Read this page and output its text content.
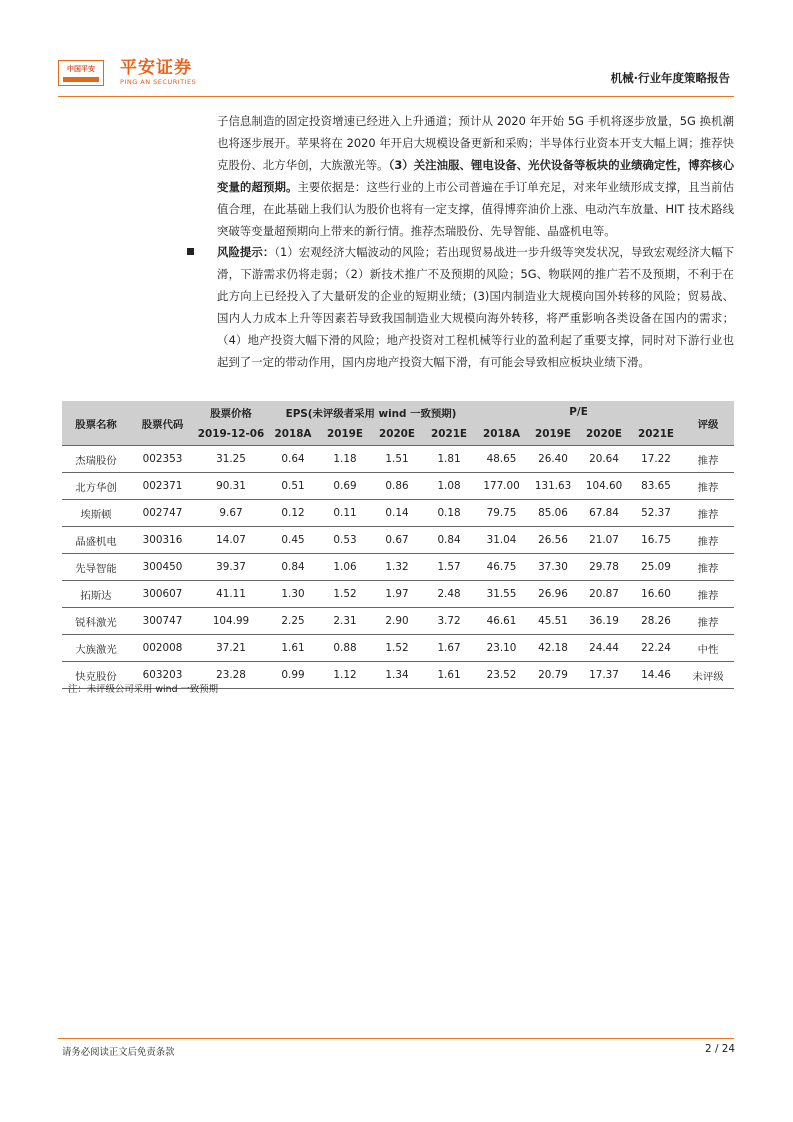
中国平安	平安证券
PING AN SECURITIES	机械·行业年度策略报告

子信息制造的固定投资增速已经进入上升通道；预计从 2020 年开始 5G 手机将逐步放量，5G 换机潮也将逐步展开。苹果将在 2020 年开启大规模设备更新和采购；半导体行业资本开支大幅上调；推荐快克股份、北方华创，大族激光等。（3）关注油服、锂电设备、光伏设备等板块的业绩确定性，博弈核心变量的超预期。主要依据是：这些行业的上市公司普遍在手订单充足，对来年业绩形成支撑，且当前估值合理，在此基础上我们认为股价也将有一定支撑，值得博弈油价上涨、电动汽车放量、HIT 技术路线突破等变量超预期向上带来的新行情。推荐杰瑞股份、先导智能、晶盛机电等。

风险提示：（1）宏观经济大幅波动的风险；若出现贸易战进一步升级等突发状况，导致宏观经济大幅下滑，下游需求仍将走弱；（2）新技术推广不及预期的风险；5G、物联网的推广若不及预期，不利于在此方向上已经投入了大量研发的企业的短期业绩；(3)国内制造业大规模向国外转移的风险；贸易战、国内人力成本上升等因素若导致我国制造业大规模向海外转移，将严重影响各类设备在国内的需求；（4）地产投资大幅下滑的风险；地产投资对工程机械等行业的盈利起了重要支撑，同时对下游行业也起到了一定的带动作用，国内房地产投资大幅下滑，有可能会导致相应板块业绩下滑。

股票名称	股票代码	股票价格	EPS(未评级者采用 wind 一致预期)				P/E				评级
		2019-12-06	2018A	2019E	2020E	2021E	2018A	2019E	2020E	2021E	
杰瑞股份	002353	31.25	0.64	1.18	1.51	1.81	48.65	26.40	20.64	17.22	推荐
北方华创	002371	90.31	0.51	0.69	0.86	1.08	177.00	131.63	104.60	83.65	推荐
埃斯顿	002747	9.67	0.12	0.11	0.14	0.18	79.75	85.06	67.84	52.37	推荐
晶盛机电	300316	14.07	0.45	0.53	0.67	0.84	31.04	26.56	21.07	16.75	推荐
先导智能	300450	39.37	0.84	1.06	1.32	1.57	46.75	37.30	29.78	25.09	推荐
拓斯达	300607	41.11	1.30	1.52	1.97	2.48	31.55	26.96	20.87	16.60	推荐
锐科激光	300747	104.99	2.25	2.31	2.90	3.72	46.61	45.51	36.19	28.26	推荐
大族激光	002008	37.21	1.61	0.88	1.52	1.67	23.10	42.18	24.44	22.24	中性
快克股份	603203	23.28	0.99	1.12	1.34	1.61	23.52	20.79	17.37	14.46	未评级
注：未评级公司采用 wind 一致预期
请务必阅读正文后免责条款	2 / 24
